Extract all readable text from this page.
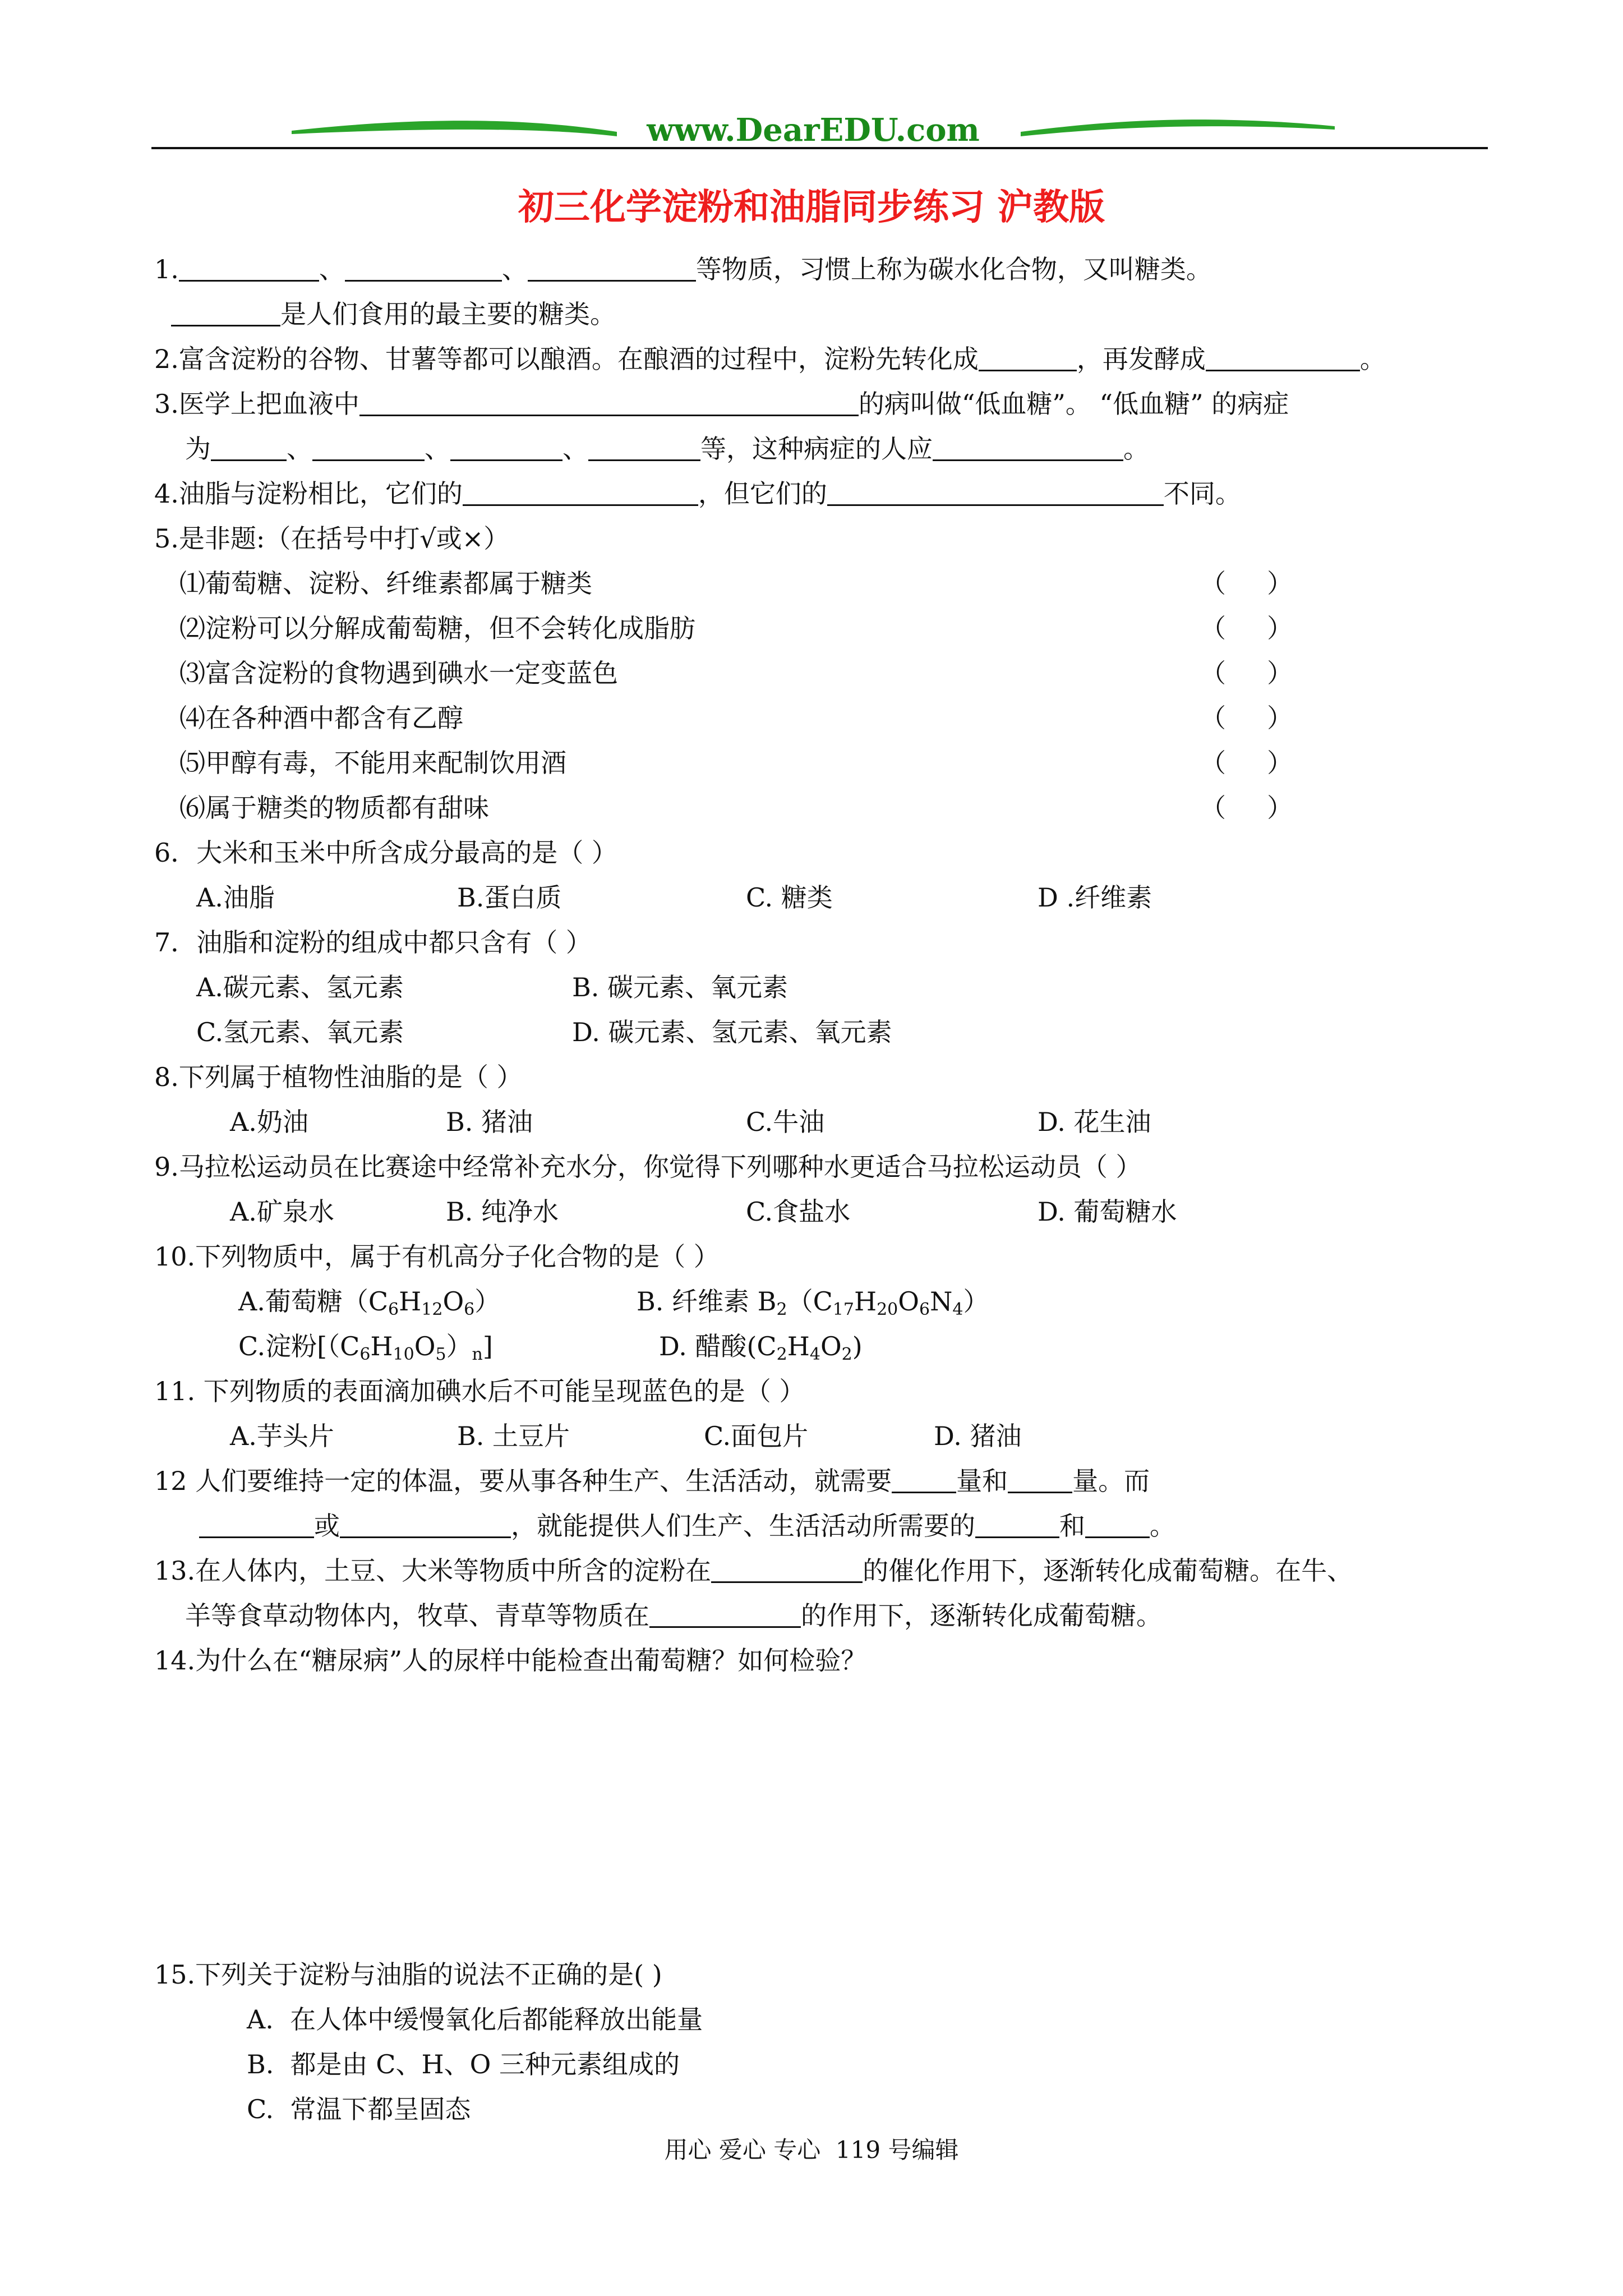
www.DearEDU.com
初三化学淀粉和油脂同步练习 沪教版
1.	、	、	等物质，习惯上称为碳水化合物，又叫糖类。
是人们食用的最主要的糖类。
2.富含淀粉的谷物、甘薯等都可以酿酒。在酿酒的过程中，淀粉先转化成	，再发酵成	。
3.医学上把血液中	的病叫做“低血糖”。 “低血糖” 的病症
为	、	、	、	等，这种病症的人应	。
4.油脂与淀粉相比，它们的	，但它们的	不同。
5.是非题:（在括号中打√或×）
⑴葡萄糖、淀粉、纤维素都属于糖类	（     ）
⑵淀粉可以分解成葡萄糖，但不会转化成脂肪	（     ）
⑶富含淀粉的食物遇到碘水一定变蓝色	（     ）
⑷在各种酒中都含有乙醇	（     ）
⑸甲醇有毒，不能用来配制饮用酒	（     ）
⑹属于糖类的物质都有甜味	（     ）
6．大米和玉米中所含成分最高的是（ ）
A.油脂	B.蛋白质	C. 糖类	D .纤维素
7．油脂和淀粉的组成中都只含有（ ）
A.碳元素、氢元素	B. 碳元素、氧元素
C.氢元素、氧元素	D. 碳元素、氢元素、氧元素
8.下列属于植物性油脂的是（ ）
A.奶油	B. 猪油	C.牛油	D. 花生油
9.马拉松运动员在比赛途中经常补充水分，你觉得下列哪种水更适合马拉松运动员（ ）
A.矿泉水	B. 纯净水	C.食盐水	D. 葡萄糖水
10.下列物质中，属于有机高分子化合物的是（ ）
A.葡萄糖$(C_6H_{12}O_6)$	B. 纤维素 $B_2(C_{17}H_{20}O_6N_4)$
C.淀粉$[(C_6H_{10}O_5)_n]$	D. 醋酸$(C_2H_4O_2)$
11. 下列物质的表面滴加碘水后不可能呈现蓝色的是（ ）
A.芋头片	B. 土豆片	C.面包片	D. 猪油
12 人们要维持一定的体温，要从事各种生产、生活活动，就需要	量和	量。而
或	，就能提供人们生产、生活活动所需要的	和	。
13.在人体内，土豆、大米等物质中所含的淀粉在	的催化作用下，逐渐转化成葡萄糖。在牛、
羊等食草动物体内，牧草、青草等物质在	的作用下，逐渐转化成葡萄糖。
14.为什么在“糖尿病”人的尿样中能检查出葡萄糖？如何检验？
15.下列关于淀粉与油脂的说法不正确的是( )
A.  在人体中缓慢氧化后都能释放出能量
B.  都是由 C、H、O 三种元素组成的
C.  常温下都呈固态
用心 爱心 专心  119 号编辑
